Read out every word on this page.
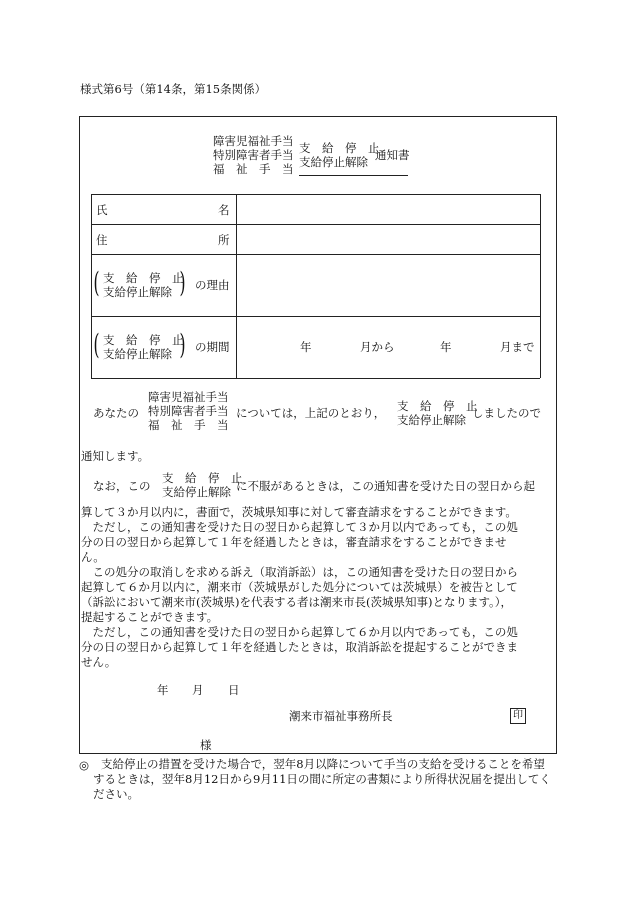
様式第6号（第14条，第15条関係）
障害児福祉手当
特別障害者手当
福　祉　手　当
支　給　停　止
支給停止解除 通知書
氏	名
住	所
( 支　給　停　止
支給停止解除 ) の理由
( 支　給　停　止
支給停止解除 ) の期間	年	月から	年	月まで
あなたの
障害児福祉手当
特別障害者手当
福　祉　手　当
については，上記のとおり， 支　給　停　止
支給停止解除 しましたので
通知します。
なお，この
支　給　停　止
支給停止解除 に不服があるときは，この通知書を受けた日の翌日から起
算して３か月以内に，書面で，茨城県知事に対して審査請求をすることができます。
　ただし，この通知書を受けた日の翌日から起算して３か月以内であっても，この処
分の日の翌日から起算して１年を経過したときは，審査請求をすることができませ
ん。
　この処分の取消しを求める訴え（取消訴訟）は，この通知書を受けた日の翌日から
起算して６か月以内に，潮来市（茨城県がした処分については茨城県）を被告として
（訴訟において潮来市(茨城県)を代表する者は潮来市長(茨城県知事)となります。），
提起することができます。
　ただし，この通知書を受けた日の翌日から起算して６か月以内であっても，この処
分の日の翌日から起算して１年を経過したときは，取消訴訟を提起することができま
せん。
年 月 日
潮来市福祉事務所長	印
様
◎	支給停止の措置を受けた場合で，翌年8月以降について手当の支給を受けることを希望
するときは，翌年8月12日から9月11日の間に所定の書類により所得状況届を提出してく
ださい。
